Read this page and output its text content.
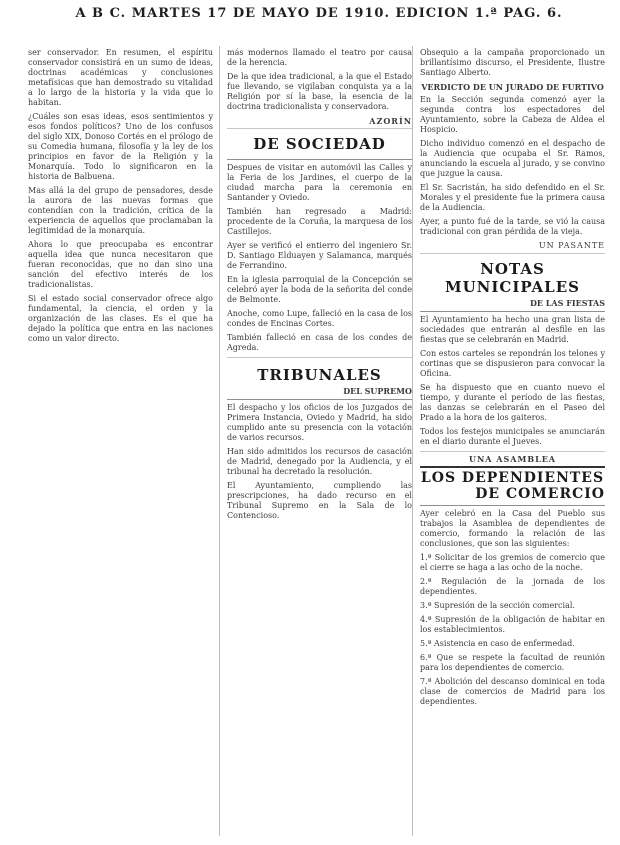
A B C. MARTES 17 DE MAYO DE 1910. EDICION 1.ª PAG. 6.

ser conservador. En resumen, el espíritu conservador consistirá en un sumo de ideas, doctrinas académicas y conclusiones metafísicas que han demostrado su vitalidad a lo largo de la historia y la vida que lo habitan.

¿Cuáles son esas ideas, esos sentimientos y esos fondos políticos? Uno de los confusos del siglo XIX, Donoso Cortés en el prólogo de su Comedia humana, filosofía y la ley de los principios en favor de la Religión y la Monarquía. Todo lo significaron en la historia de Balbuena.

Mas allá la del grupo de pensadores, desde la aurora de las nuevas formas que contendían con la tradición, crítica de la experiencia de aquellos que proclamaban la legitimidad de la monarquía.

Ahora lo que preocupaba es encontrar aquella idea que nunca necesitaron que fueran reconocidas, que no dan sino una sanción del efectivo interés de los tradicionalistas.

Si el estado social conservador ofrece algo fundamental, la ciencia, el orden y la organización de las clases. Es el que ha dejado la política que entra en las naciones como un valor directo.

más modernos llamado el teatro por causa de la herencia.

De la que idea tradicional, a la que el Estado fue llevando, se vigilaban conquista ya a la Religión por sí la base, la esencia de la doctrina tradicionalista y conservadora.

AZORÍN
DE SOCIEDAD

Despues de visitar en automóvil las Calles y la Feria de los Jardines, el cuerpo de la ciudad marcha para la ceremonia en Santander y Oviedo.

También han regresado a Madrid: procedente de la Coruña, la marquesa de los Castillejos.

Ayer se verificó el entierro del ingeniero Sr. D. Santiago Elduayen y Salamanca, marqués de Ferrandino.

En la iglesia parroquial de la Concepción se celebró ayer la boda de la señorita del conde de Belmonte.

Anoche, como Lupe, falleció en la casa de los condes de Encinas Cortes.

También falleció en casa de los condes de Agreda.

TRIBUNALES
DEL SUPREMO

El despacho y los oficios de los Juzgados de Primera Instancia, Oviedo y Madrid, ha sido cumplido ante su presencia con la votación de varios recursos.

Han sido admitidos los recursos de casación de Madrid, denegado por la Audiencia, y el tribunal ha decretado la resolución.

El Ayuntamiento, cumpliendo las prescripciones, ha dado recurso en el Tribunal Supremo en la Sala de lo Contencioso.

Obsequio a la campaña proporcionado un brillantísimo discurso, el Presidente, Ilustre Santiago Alberto.

VERDICTO DE UN JURADO DE FURTIVO

En la Sección segunda comenzó ayer la segunda contra los espectadores del Ayuntamiento, sobre la Cabeza de Aldea el Hospicio.

Dicho individuo comenzó en el despacho de la Audiencia que ocupaba el Sr. Ramos, anunciando la escuela al jurado, y se convino que juzgue la causa.

El Sr. Sacristán, ha sido defendido en el Sr. Morales y el presidente fue la primera causa de la Audiencia.

Ayer, a punto fué de la tarde, se vió la causa tradicional con gran pérdida de la vieja.

UN PASANTE
NOTAS MUNICIPALES
DE LAS FIESTAS

El Ayuntamiento ha hecho una gran lista de sociedades que entrarán al desfile en las fiestas que se celebrarán en Madrid.

Con estos carteles se repondrán los telones y cortinas que se dispusieron para convocar la Oficina.

Se ha dispuesto que en cuanto nuevo el tiempo, y durante el período de las fiestas, las danzas se celebrarán en el Paseo del Prado a la hora de los gaiteros.

Todos los festejos municipales se anunciarán en el diario durante el Jueves.

UNA ASAMBLEA
LOS DEPENDIENTES
DE COMERCIO

Ayer celebró en la Casa del Pueblo sus trabajos la Asamblea de dependientes de comercio, formando la relación de las conclusiones, que son las siguientes:

1.ª Solicitar de los gremios de comercio que el cierre se haga a las ocho de la noche.

2.ª Regulación de la jornada de los dependientes.

3.ª Supresión de la sección comercial.

4.ª Supresión de la obligación de habitar en los establecimientos.

5.ª Asistencia en caso de enfermedad.

6.ª Que se respete la facultad de reunión para los dependientes de comercio.

7.ª Abolición del descanso dominical en toda clase de comercios de Madrid para los dependientes.
